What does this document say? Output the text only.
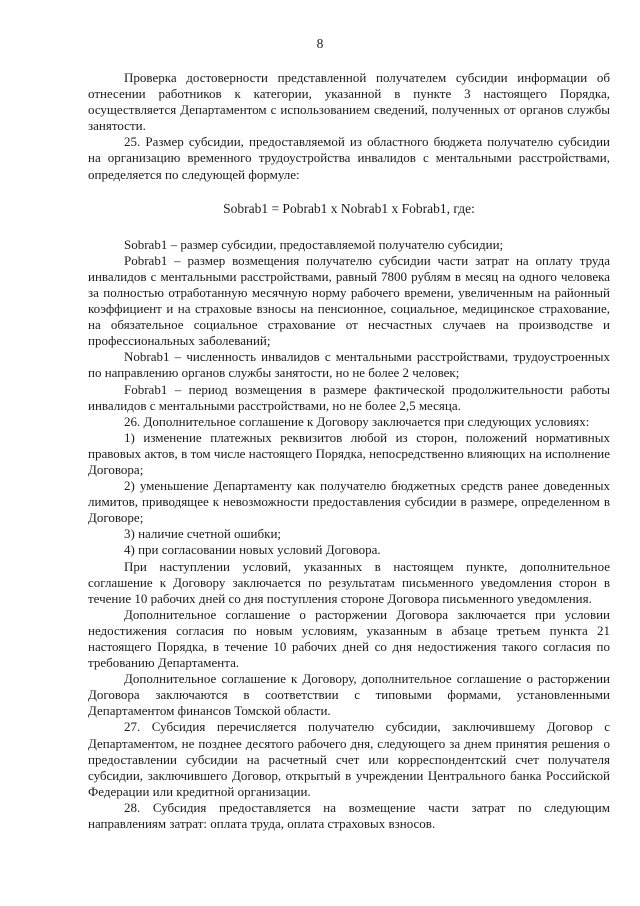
8

Проверка достоверности представленной получателем субсидии информации об отнесении работников к категории, указанной в пункте 3 настоящего Порядка, осуществляется Департаментом с использованием сведений, полученных от органов службы занятости.

25. Размер субсидии, предоставляемой из областного бюджета получателю субсидии на организацию временного трудоустройства инвалидов с ментальными расстройствами, определяется по следующей формуле:

Sobrab1 = Pobrab1 x Nobrab1 x Fobrab1, где:

Sobrab1 – размер субсидии, предоставляемой получателю субсидии;

Pobrab1 – размер возмещения получателю субсидии части затрат на оплату труда инвалидов с ментальными расстройствами, равный 7800 рублям в месяц на одного человека за полностью отработанную месячную норму рабочего времени, увеличенным на районный коэффициент и на страховые взносы на пенсионное, социальное, медицинское страхование, на обязательное социальное страхование от несчастных случаев на производстве и профессиональных заболеваний;

Nobrab1 – численность инвалидов с ментальными расстройствами, трудоустроенных по направлению органов службы занятости, но не более 2 человек;

Fobrab1 – период возмещения в размере фактической продолжительности работы инвалидов с ментальными расстройствами, но не более 2,5 месяца.

26. Дополнительное соглашение к Договору заключается при следующих условиях:

1) изменение платежных реквизитов любой из сторон, положений нормативных правовых актов, в том числе настоящего Порядка, непосредственно влияющих на исполнение Договора;

2) уменьшение Департаменту как получателю бюджетных средств ранее доведенных лимитов, приводящее к невозможности предоставления субсидии в размере, определенном в Договоре;

3) наличие счетной ошибки;

4) при согласовании новых условий Договора.

При наступлении условий, указанных в настоящем пункте, дополнительное соглашение к Договору заключается по результатам письменного уведомления сторон в течение 10 рабочих дней со дня поступления стороне Договора письменного уведомления.

Дополнительное соглашение о расторжении Договора заключается при условии недостижения согласия по новым условиям, указанным в абзаце третьем пункта 21 настоящего Порядка, в течение 10 рабочих дней со дня недостижения такого согласия по требованию Департамента.

Дополнительное соглашение к Договору, дополнительное соглашение о расторжении Договора заключаются в соответствии с типовыми формами, установленными Департаментом финансов Томской области.

27. Субсидия перечисляется получателю субсидии, заключившему Договор с Департаментом, не позднее десятого рабочего дня, следующего за днем принятия решения о предоставлении субсидии на расчетный счет или корреспондентский счет получателя субсидии, заключившего Договор, открытый в учреждении Центрального банка Российской Федерации или кредитной организации.

28. Субсидия предоставляется на возмещение части затрат по следующим направлениям затрат: оплата труда, оплата страховых взносов.
